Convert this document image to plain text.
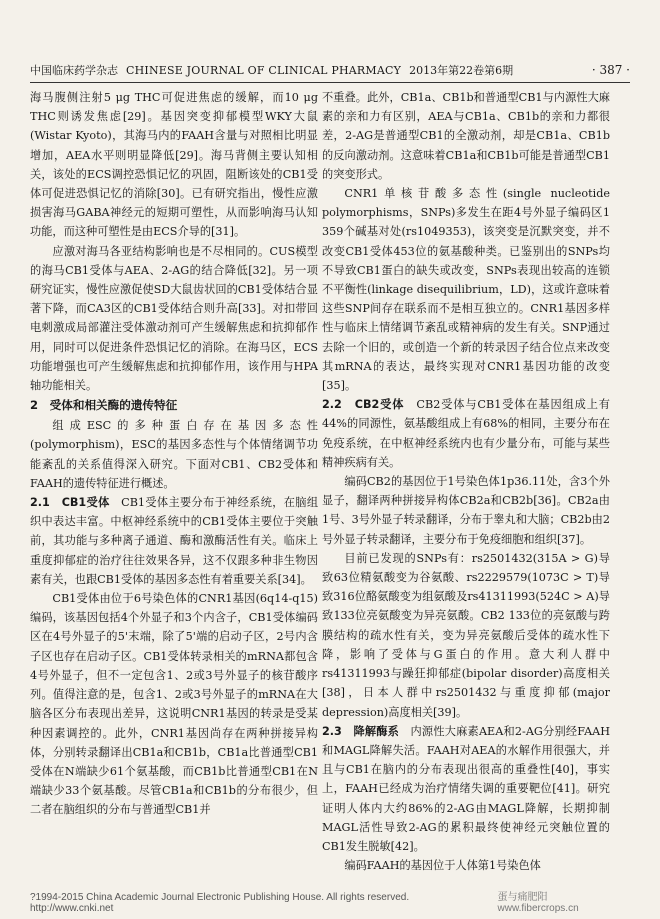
中国临床药学杂志 CHINESE JOURNAL OF CLINICAL PHARMACY 2013年第22卷第6期	· 387 ·

海马腹侧注射5 μg THC可促进焦虑的缓解，而10 μg THC则诱发焦虑[29]。基因突变抑郁模型WKY大鼠(Wistar Kyoto)，其海马内的FAAH含量与对照相比明显增加，AEA水平则明显降低[29]。海马背侧主要认知相关，该处的ECS调控恐惧记忆的巩固，阻断该处的CB1受体可促进恐惧记忆的消除[30]。已有研究指出，慢性应激损害海马GABA神经元的短期可塑性，从而影响海马认知功能，而这种可塑性是由ECS介导的[31]。

应激对海马各亚结构影响也是不尽相同的。CUS模型的海马CB1受体与AEA、2-AG的结合降低[32]。另一项研究证实，慢性应激促使SD大鼠齿状回的CB1受体结合显著下降，而CA3区的CB1受体结合则升高[33]。对扣带回电刺激成局部灌注受体激动剂可产生缓解焦虑和抗抑郁作用，同时可以促进条件恐惧记忆的消除。在海马区，ECS功能增强也可产生缓解焦虑和抗抑郁作用，该作用与HPA轴功能相关。

2　受体和相关酶的遗传特征

组成ESC的多种蛋白存在基因多态性(polymorphism)，ESC的基因多态性与个体情绪调节功能紊乱的关系值得深入研究。下面对CB1、CB2受体和FAAH的遗传特征进行概述。

2.1　CB1受体　CB1受体主要分布于神经系统，在脑组织中表达丰富。中枢神经系统中的CB1受体主要位于突触前，其功能与多种离子通道、酶和激酶活性有关。临床上重度抑郁症的治疗往往效果各异，这不仅跟多种非生物因素有关，也跟CB1受体的基因多态性有着重要关系[34]。

CB1受体由位于6号染色体的CNR1基因(6q14-q15)编码，该基因包括4个外显子和3个内含子，CB1受体编码区在4号外显子的5'末端，除了5'端的启动子区，2号内含子区也存在启动子区。CB1受体转录相关的mRNA都包含4号外显子，但不一定包含1、2或3号外显子的核苷酸序列。值得注意的是，包含1、2或3号外显子的mRNA在大脑各区分布表现出差异，这说明CNR1基因的转录是受某种因素调控的。此外，CNR1基因尚存在两种拼接异构体，分别转录翻译出CB1a和CB1b，CB1a比普通型CB1受体在N端缺少61个氨基酸，而CB1b比普通型CB1在N端缺少33个氨基酸。尽管CB1a和CB1b的分布很少，但二者在脑组织的分布与普通型CB1并

不重叠。此外，CB1a、CB1b和普通型CB1与内源性大麻素的亲和力有区别，AEA与CB1a、CB1b的亲和力都很差，2-AG是普通型CB1的全激动剂，却是CB1a、CB1b的反向激动剂。这意味着CB1a和CB1b可能是普通型CB1的突变形式。

CNR1单核苷酸多态性(single nucleotide polymorphisms，SNPs)多发生在距4号外显子编码区1 359个碱基对处(rs1049353)，该突变是沉默突变，并不改变CB1受体453位的氨基酸种类。已鉴别出的SNPs均不导致CB1蛋白的缺失或改变，SNPs表现出较高的连锁不平衡性(linkage disequilibrium，LD)，这或许意味着这些SNP间存在联系而不是相互独立的。CNR1基因多样性与临床上情绪调节紊乱或精神病的发生有关。SNP通过去除一个旧的，或创造一个新的转录因子结合位点来改变其mRNA的表达，最终实现对CNR1基因功能的改变[35]。

2.2　CB2受体　CB2受体与CB1受体在基因组成上有44%的同源性，氨基酸组成上有68%的相同，主要分布在免疫系统，在中枢神经系统内也有少量分布，可能与某些精神疾病有关。

编码CB2的基因位于1号染色体1p36.11处，含3个外显子，翻译两种拼接异构体CB2a和CB2b[36]。CB2a由1号、3号外显子转录翻译，分布于睾丸和大脑；CB2b由2号外显子转录翻译，主要分布于免疫细胞和组织[37]。

目前已发现的SNPs有：rs2501432(315A > G)导致63位精氨酸变为谷氨酸、rs2229579(1073C > T)导致316位酪氨酸变为组氨酸及rs41311993(524C > A)导致133位亮氨酸变为异亮氨酸。CB2 133位的亮氨酸与跨膜结构的疏水性有关，变为异亮氨酸后受体的疏水性下降，影响了受体与G蛋白的作用。意大利人群中rs41311993与躁狂抑郁症(bipolar disorder)高度相关[38]，日本人群中rs2501432与重度抑郁(major depression)高度相关[39]。

2.3　降解酶系　内源性大麻素AEA和2-AG分别经FAAH和MAGL降解失活。FAAH对AEA的水解作用很强大，并且与CB1在脑内的分布表现出很高的重叠性[40]，事实上，FAAH已经成为治疗情绪失调的重要靶位[41]。研究证明人体内大约86%的2-AG由MAGL降解，长期抑制MAGL活性导致2-AG的累积最终使神经元突触位置的CB1发生脱敏[42]。

编码FAAH的基因位于人体第1号染色体

?1994-2015 China Academic Journal Electronic Publishing House. All rights reserved.　http://www.cnki.net
蛋与痛肥阳 www.fibercrops.cn
